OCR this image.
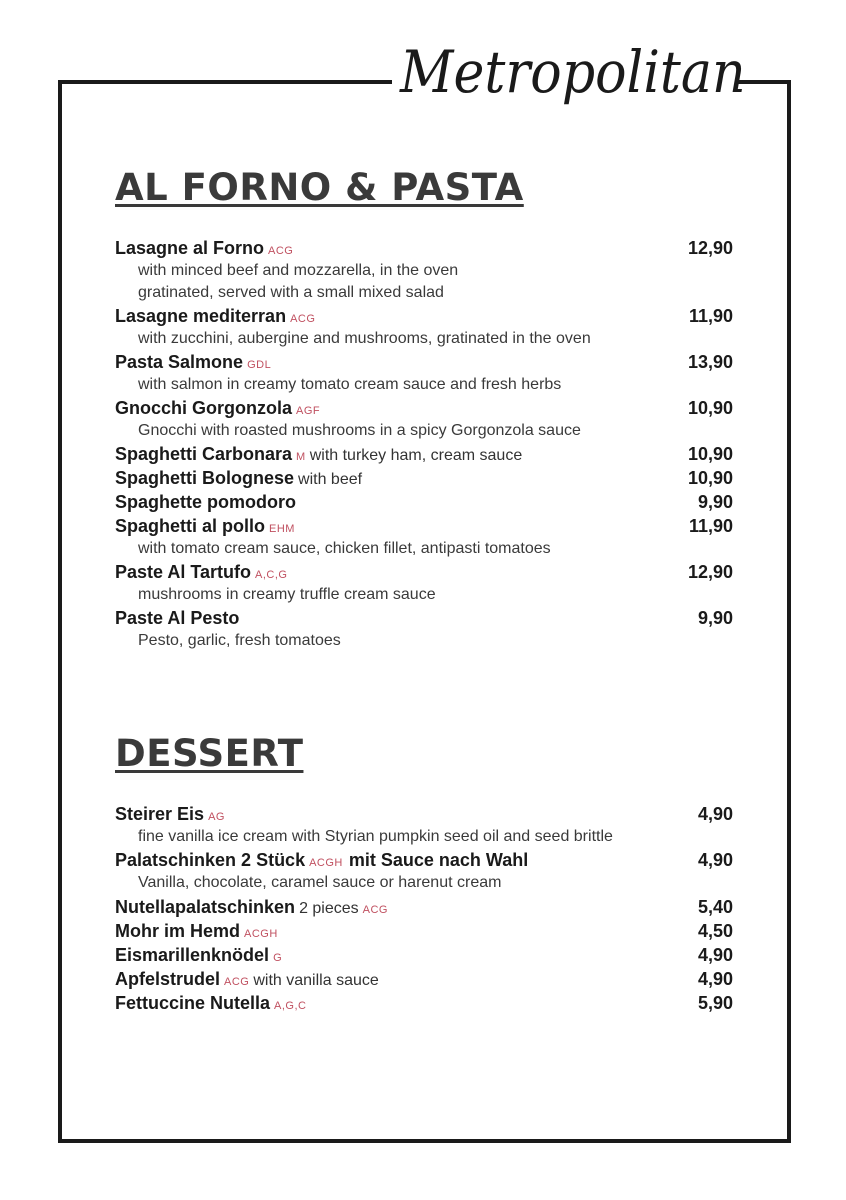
Metropolitan
AL FORNO & PASTA
Lasagne al Forno ACG	12,90
with minced beef and mozzarella, in the oven
gratinated, served with a small mixed salad
Lasagne mediterran ACG	11,90
with zucchini, aubergine and mushrooms, gratinated in the oven
Pasta Salmone GDL	13,90
with salmon in creamy tomato cream sauce and fresh herbs
Gnocchi Gorgonzola AGF	10,90
Gnocchi with roasted mushrooms in a spicy Gorgonzola sauce
Spaghetti Carbonara M with turkey ham, cream sauce	10,90
Spaghetti Bolognese with beef	10,90
Spaghette pomodoro	9,90
Spaghetti al pollo EHM	11,90
with tomato cream sauce, chicken fillet, antipasti tomatoes
Paste Al Tartufo A,C,G	12,90
mushrooms in creamy truffle cream sauce
Paste Al Pesto	9,90
Pesto, garlic, fresh tomatoes
DESSERT
Steirer Eis AG	4,90
fine vanilla ice cream with Styrian pumpkin seed oil and seed brittle
Palatschinken 2 Stück ACGH mit Sauce nach Wahl	4,90
Vanilla, chocolate, caramel sauce or harenut cream
Nutellapalatschinken 2 pieces ACG	5,40
Mohr im Hemd ACGH	4,50
Eismarillenknödel G	4,90
Apfelstrudel ACG with vanilla sauce	4,90
Fettuccine Nutella A,G,C	5,90
